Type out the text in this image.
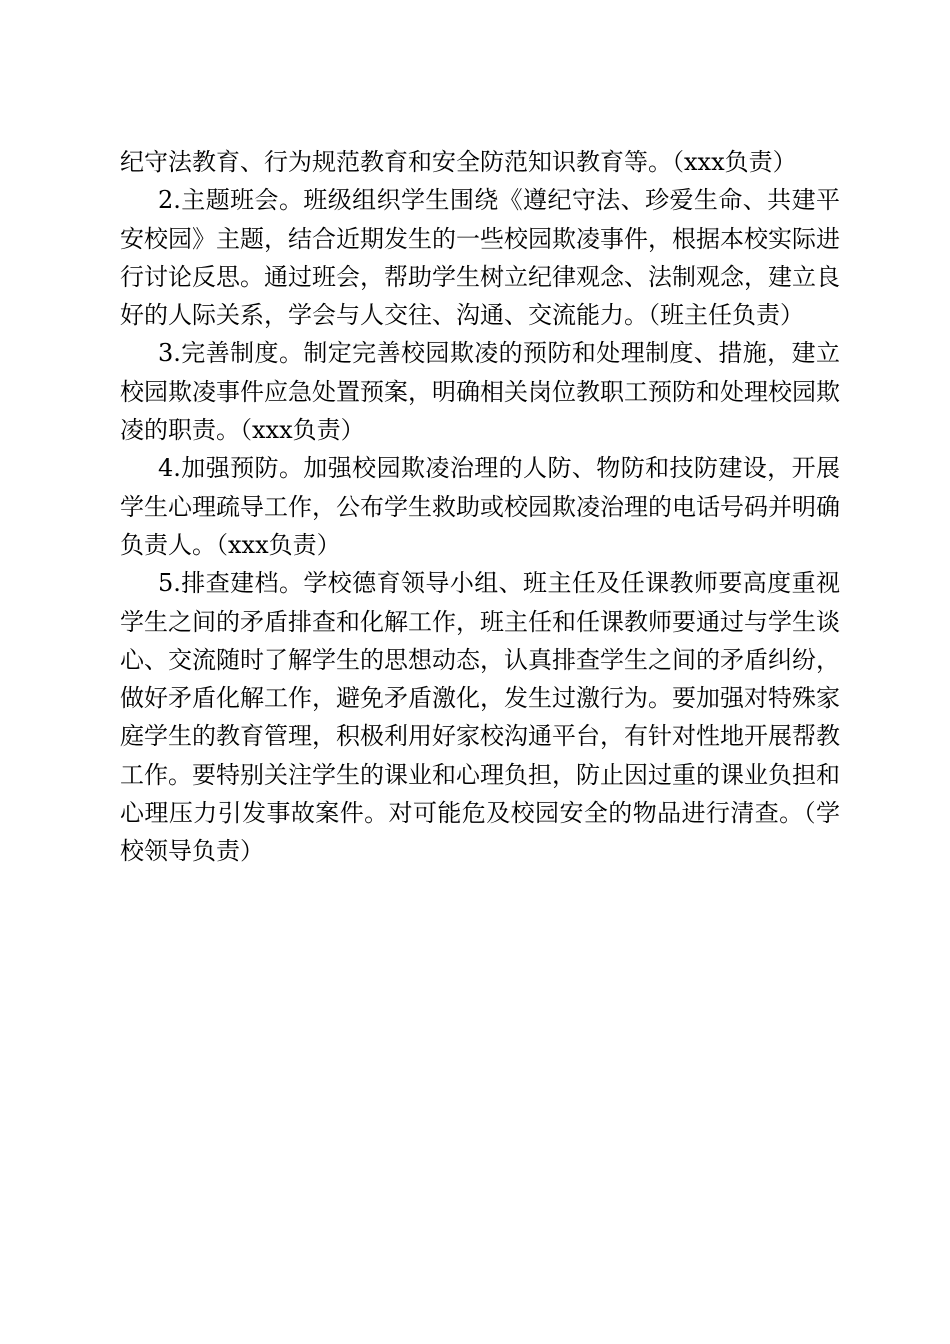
纪守法教育、行为规范教育和安全防范知识教育等。（xxx负责）

2.主题班会。班级组织学生围绕《遵纪守法、珍爱生命、共建平安校园》主题，结合近期发生的一些校园欺凌事件，根据本校实际进行讨论反思。通过班会，帮助学生树立纪律观念、法制观念，建立良好的人际关系，学会与人交往、沟通、交流能力。（班主任负责）

3.完善制度。制定完善校园欺凌的预防和处理制度、措施，建立校园欺凌事件应急处置预案，明确相关岗位教职工预防和处理校园欺凌的职责。（xxx负责）

4.加强预防。加强校园欺凌治理的人防、物防和技防建设，开展学生心理疏导工作，公布学生救助或校园欺凌治理的电话号码并明确负责人。（xxx负责）

5.排查建档。学校德育领导小组、班主任及任课教师要高度重视学生之间的矛盾排查和化解工作，班主任和任课教师要通过与学生谈心、交流随时了解学生的思想动态，认真排查学生之间的矛盾纠纷，做好矛盾化解工作，避免矛盾激化，发生过激行为。要加强对特殊家庭学生的教育管理，积极利用好家校沟通平台，有针对性地开展帮教工作。要特别关注学生的课业和心理负担，防止因过重的课业负担和心理压力引发事故案件。对可能危及校园安全的物品进行清查。（学校领导负责）
